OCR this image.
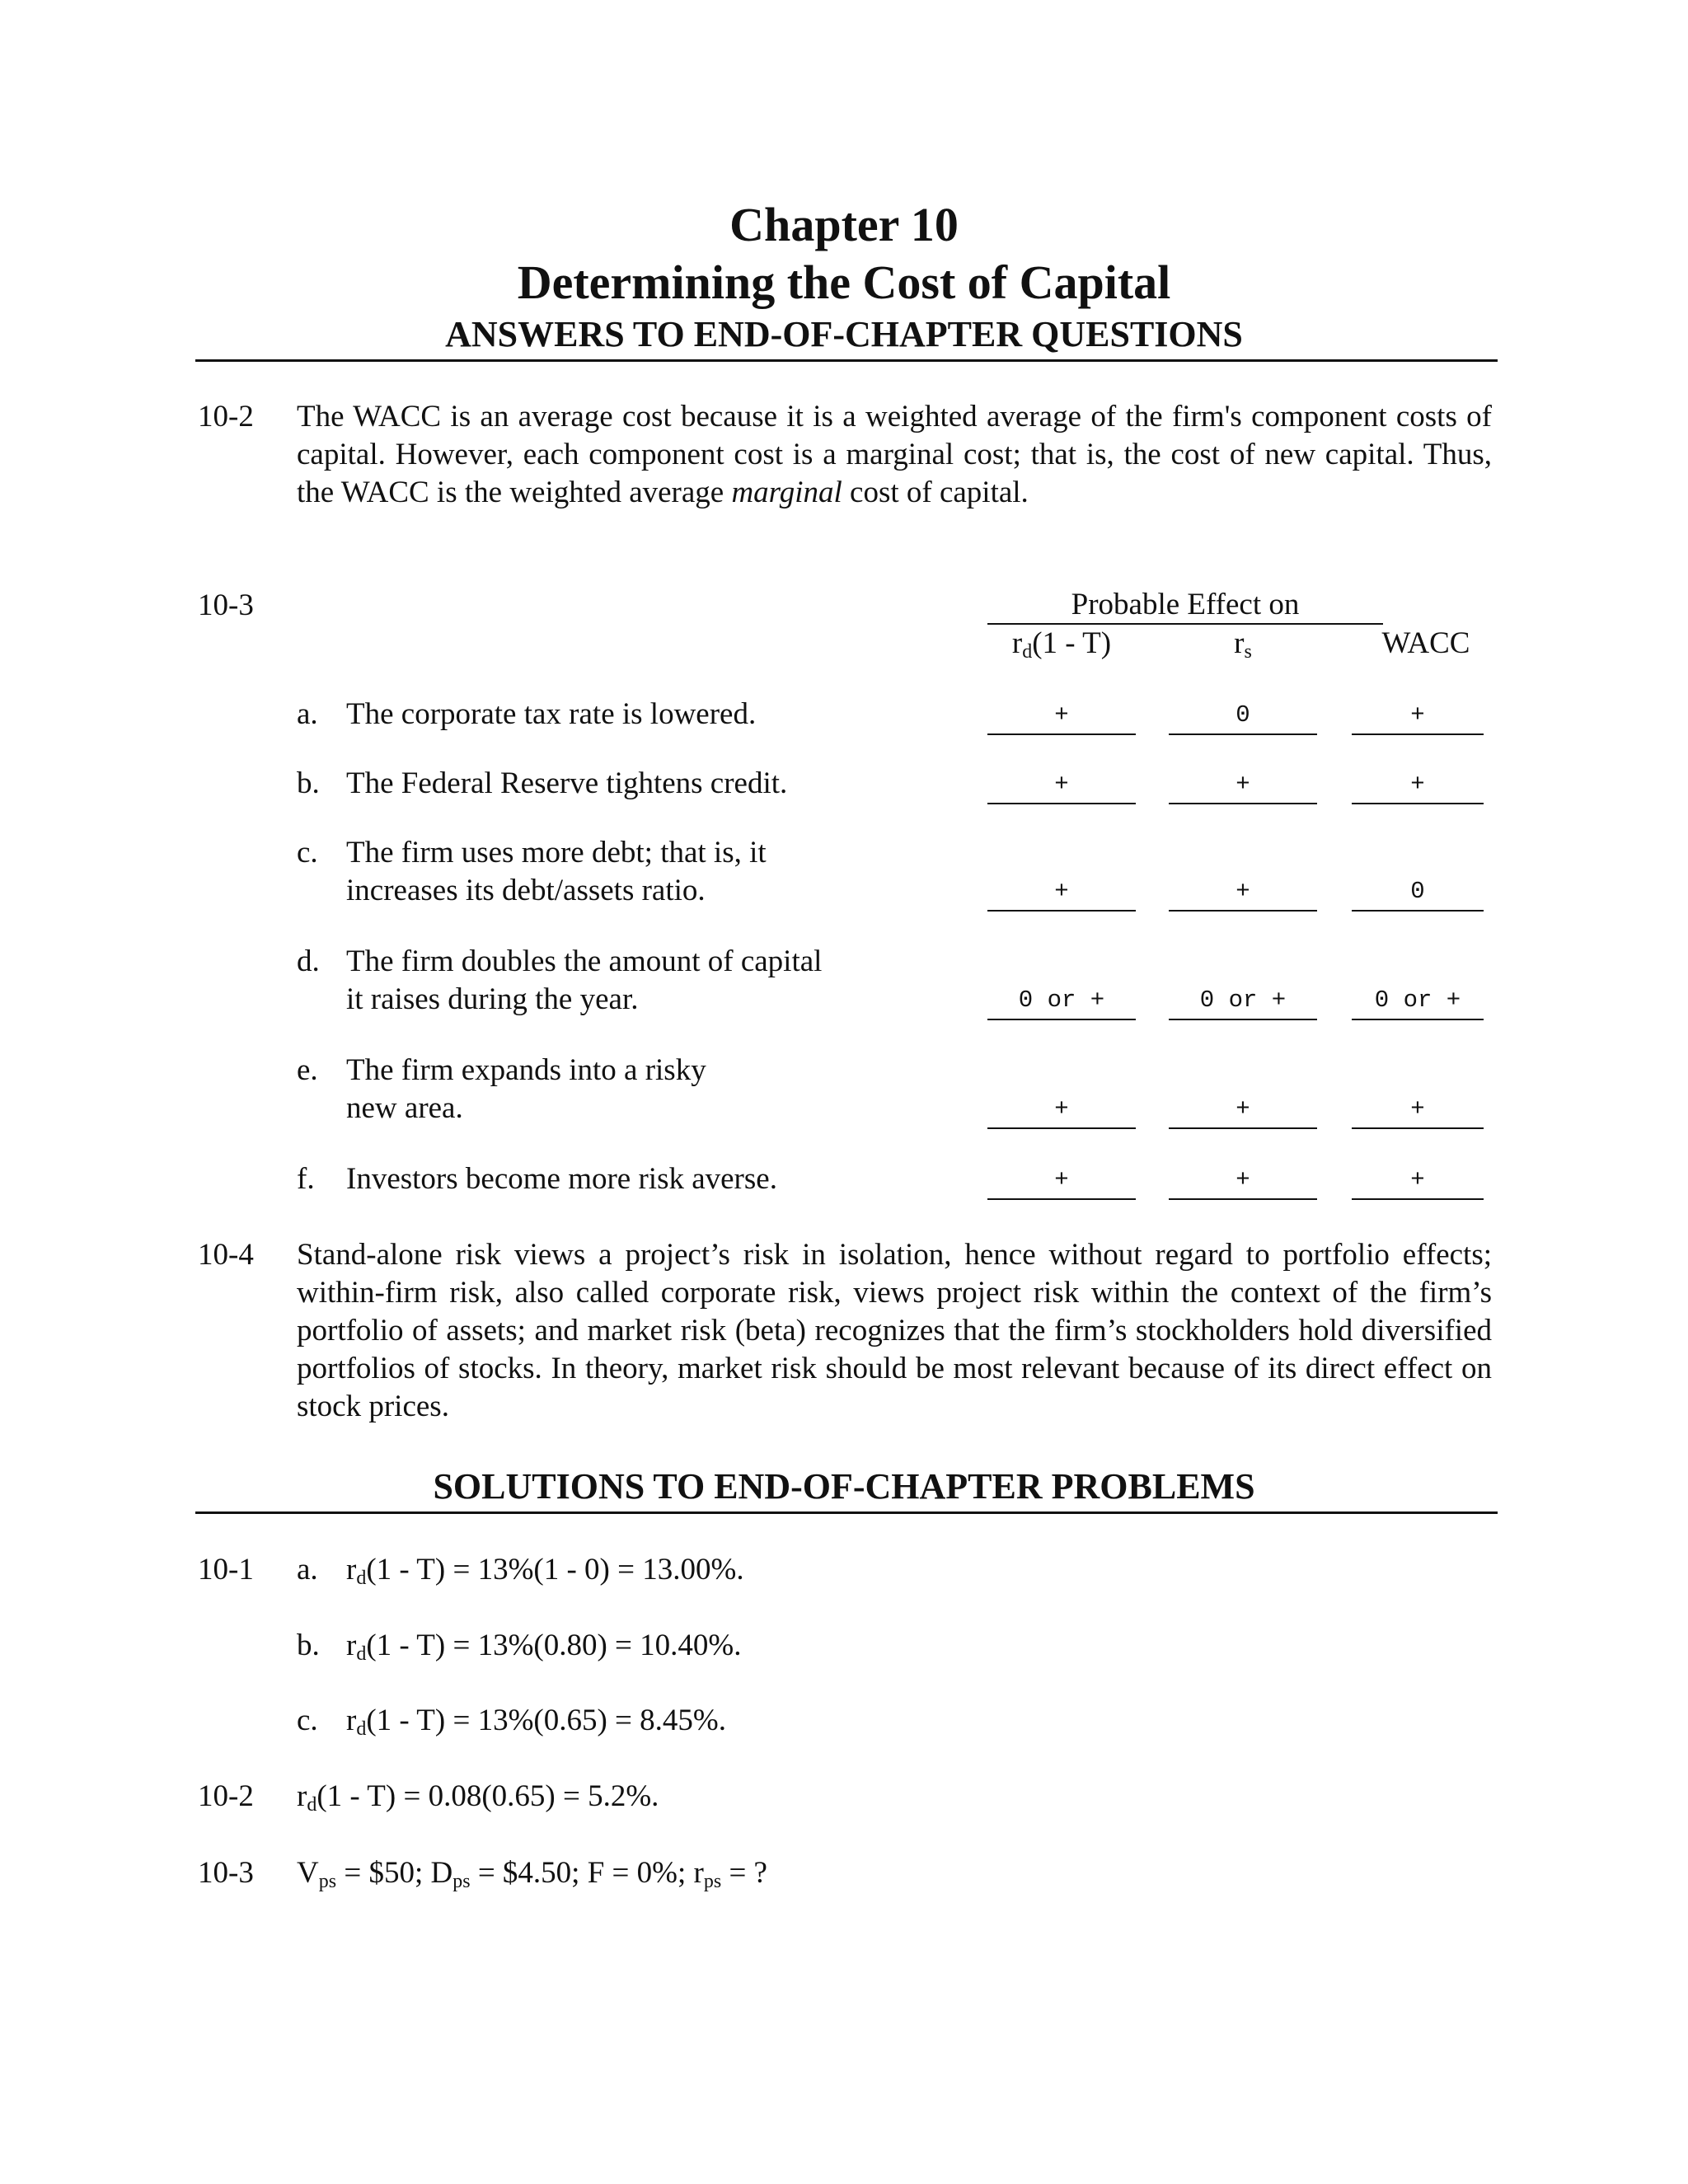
Chapter 10
Determining the Cost of Capital
ANSWERS TO END-OF-CHAPTER QUESTIONS
10-2 The WACC is an average cost because it is a weighted average of the firm's component costs of capital. However, each component cost is a marginal cost; that is, the cost of new capital. Thus, the WACC is the weighted average marginal cost of capital.
10-3	Probable Effect on
$r_d(1 - T)$	$r_s$	WACC
a. The corporate tax rate is lowered.	+	0	+
b. The Federal Reserve tightens credit.	+	+	+
c. The firm uses more debt; that is, it
increases its debt/assets ratio.	+	+	0
d. The firm doubles the amount of capital
it raises during the year.	0 or +	0 or +	0 or +
e. The firm expands into a risky
new area.	+	+	+
f. Investors become more risk averse.	+	+	+
10-4 Stand-alone risk views a project’s risk in isolation, hence without regard to portfolio effects; within-firm risk, also called corporate risk, views project risk within the context of the firm’s portfolio of assets; and market risk (beta) recognizes that the firm’s stockholders hold diversified portfolios of stocks. In theory, market risk should be most relevant because of its direct effect on stock prices.
SOLUTIONS TO END-OF-CHAPTER PROBLEMS
10-1 a. $r_d(1 - T) = 13\%(1 - 0) = 13.00\%$.
b. $r_d(1 - T) = 13\%(0.80) = 10.40\%$.
c. $r_d(1 - T) = 13\%(0.65) = 8.45\%$.
10-2 $r_d(1 - T) = 0.08(0.65) = 5.2\%$.
10-3 $V_{ps}$ = $50; $D_{ps}$ = $4.50; F = 0%; $r_{ps}$ = ?
